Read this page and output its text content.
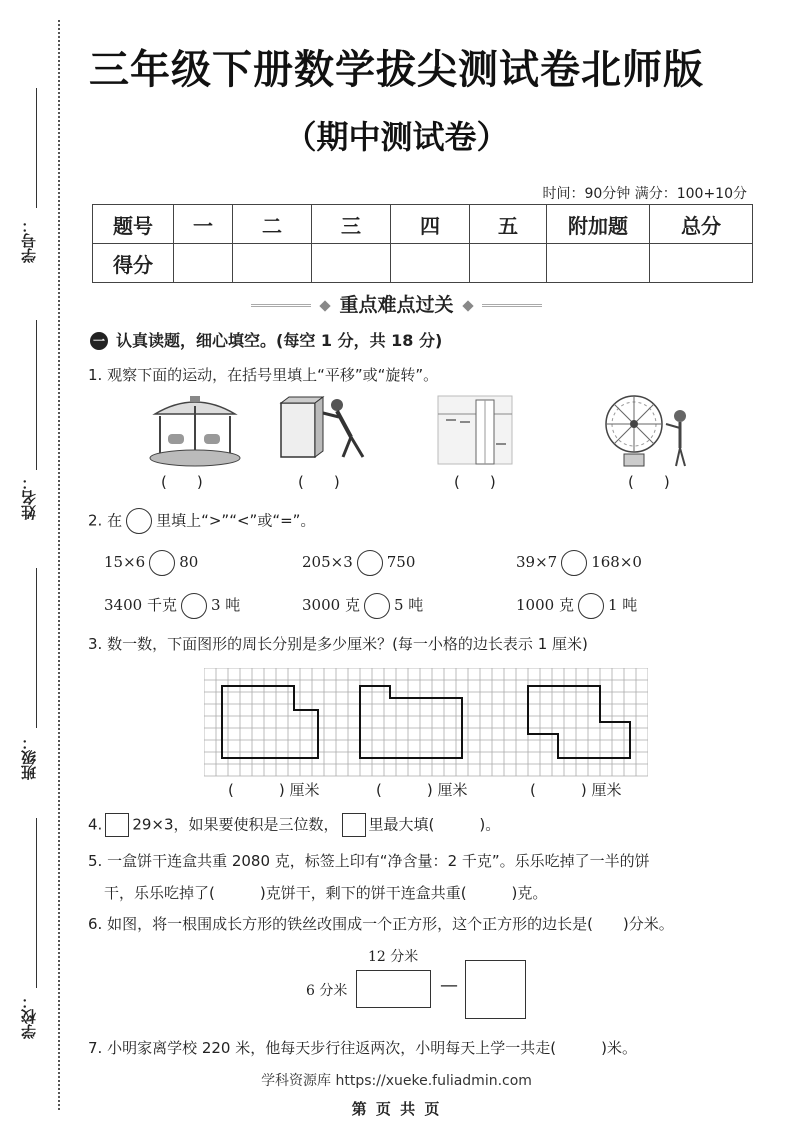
学号：
姓名：
班级：
学校：
三年级下册数学拔尖测试卷北师版
（期中测试卷）
时间：90分钟 满分：100+10分
题号	一	二	三	四	五	附加题	总分
得分							
重点难点过关
一 认真读题，细心填空。(每空 1 分，共 18 分)
1. 观察下面的运动，在括号里填上“平移”或“旋转”。
(　　)	(　　)	(　　)	(　　)
2. 在 里填上“>”“<”或“=”。
15×6 80	205×3 750	39×7 168×0
3400 千克 3 吨	3000 克 5 吨	1000 克 1 吨
3. 数一数，下面图形的周长分别是多少厘米？(每一小格的边长表示 1 厘米)
(　　　) 厘米	(　　　) 厘米	(　　　) 厘米
4. 29×3，如果要使积是三位数， 里最大填(　　　)。
5. 一盒饼干连盒共重 2080 克，标签上印有“净含量：2 千克”。乐乐吃掉了一半的饼
干，乐乐吃掉了(　　　)克饼干，剩下的饼干连盒共重(　　　)克。
6. 如图，将一根围成长方形的铁丝改围成一个正方形，这个正方形的边长是(　　)分米。
12 分米
6 分米	—
7. 小明家离学校 220 米，他每天步行往返两次，小明每天上学一共走(　　　)米。
学科资源库 https://xueke.fuliadmin.com
第 页 共 页
